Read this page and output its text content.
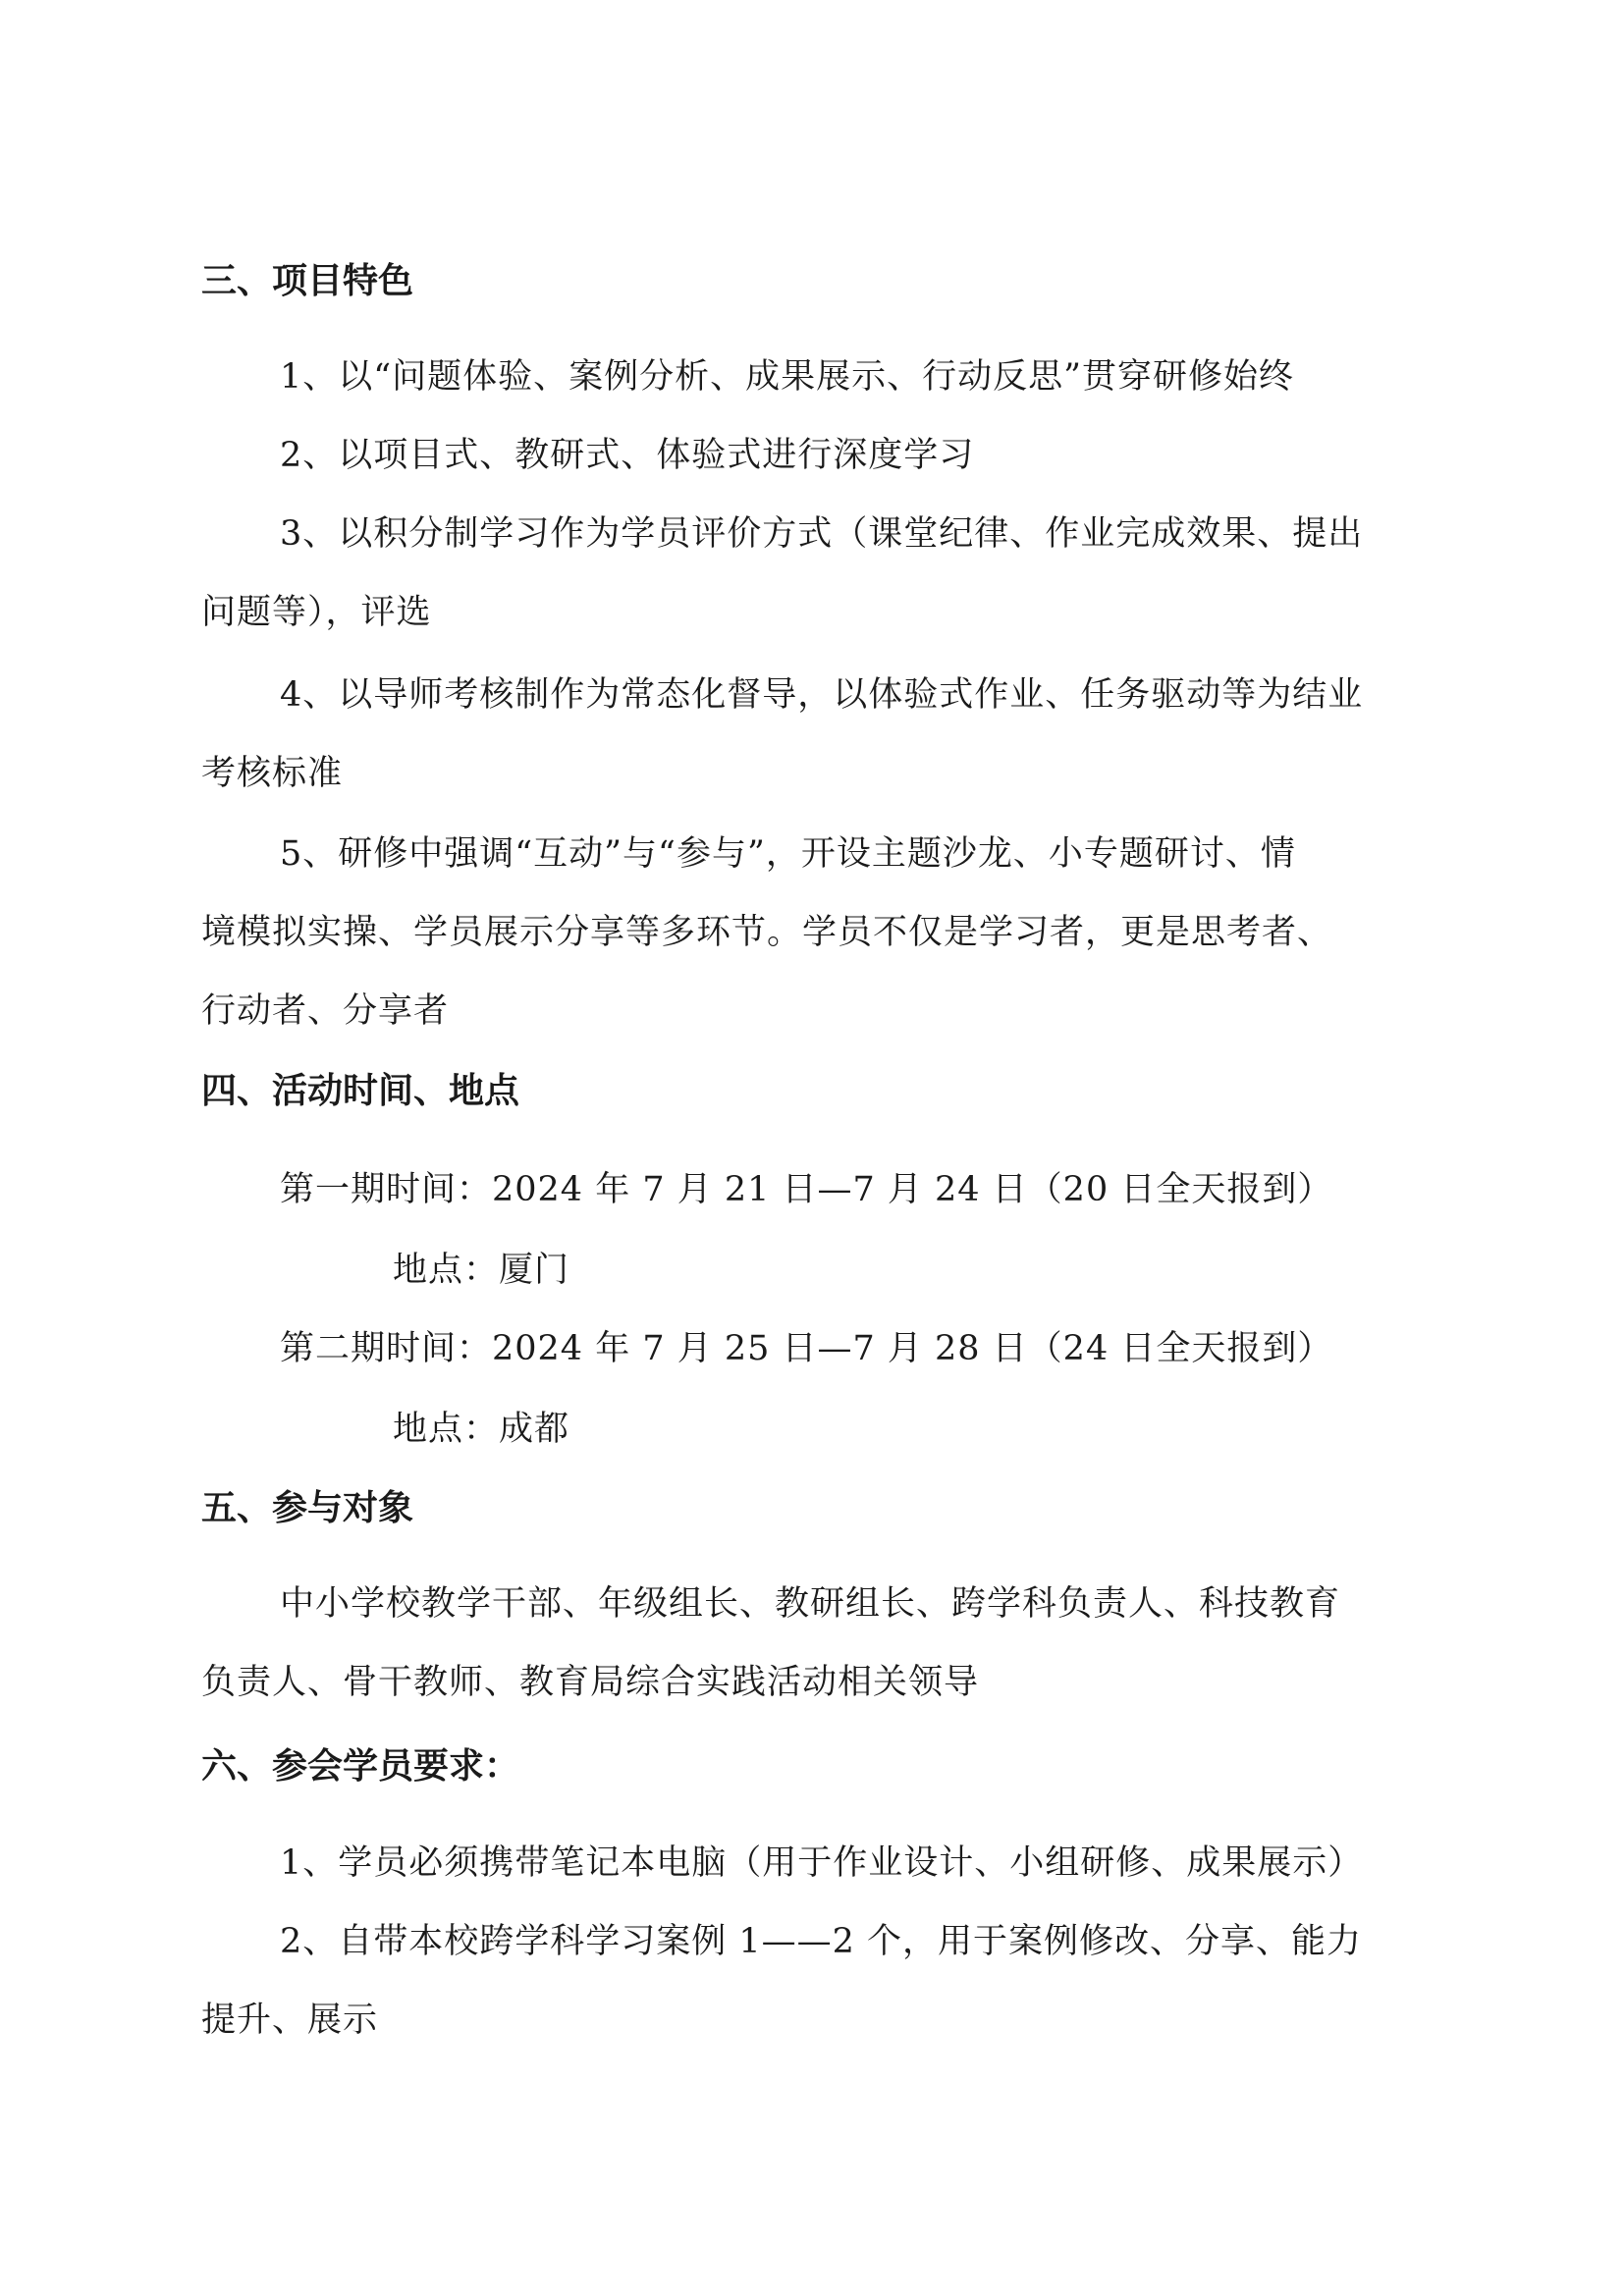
三、项目特色
1、以“问题体验、案例分析、成果展示、行动反思”贯穿研修始终
2、以项目式、教研式、体验式进行深度学习
3、以积分制学习作为学员评价方式（课堂纪律、作业完成效果、提出
问题等），评选
4、以导师考核制作为常态化督导，以体验式作业、任务驱动等为结业
考核标准
5、研修中强调“互动”与“参与”，开设主题沙龙、小专题研讨、情
境模拟实操、学员展示分享等多环节。学员不仅是学习者，更是思考者、
行动者、分享者
四、活动时间、地点
第一期时间：2024 年 7 月 21 日—7 月 24 日（20 日全天报到）
地点：厦门
第二期时间：2024 年 7 月 25 日—7 月 28 日（24 日全天报到）
地点：成都
五、参与对象
中小学校教学干部、年级组长、教研组长、跨学科负责人、科技教育
负责人、骨干教师、教育局综合实践活动相关领导
六、参会学员要求：
1、学员必须携带笔记本电脑（用于作业设计、小组研修、成果展示）
2、自带本校跨学科学习案例 1——2 个，用于案例修改、分享、能力
提升、展示
